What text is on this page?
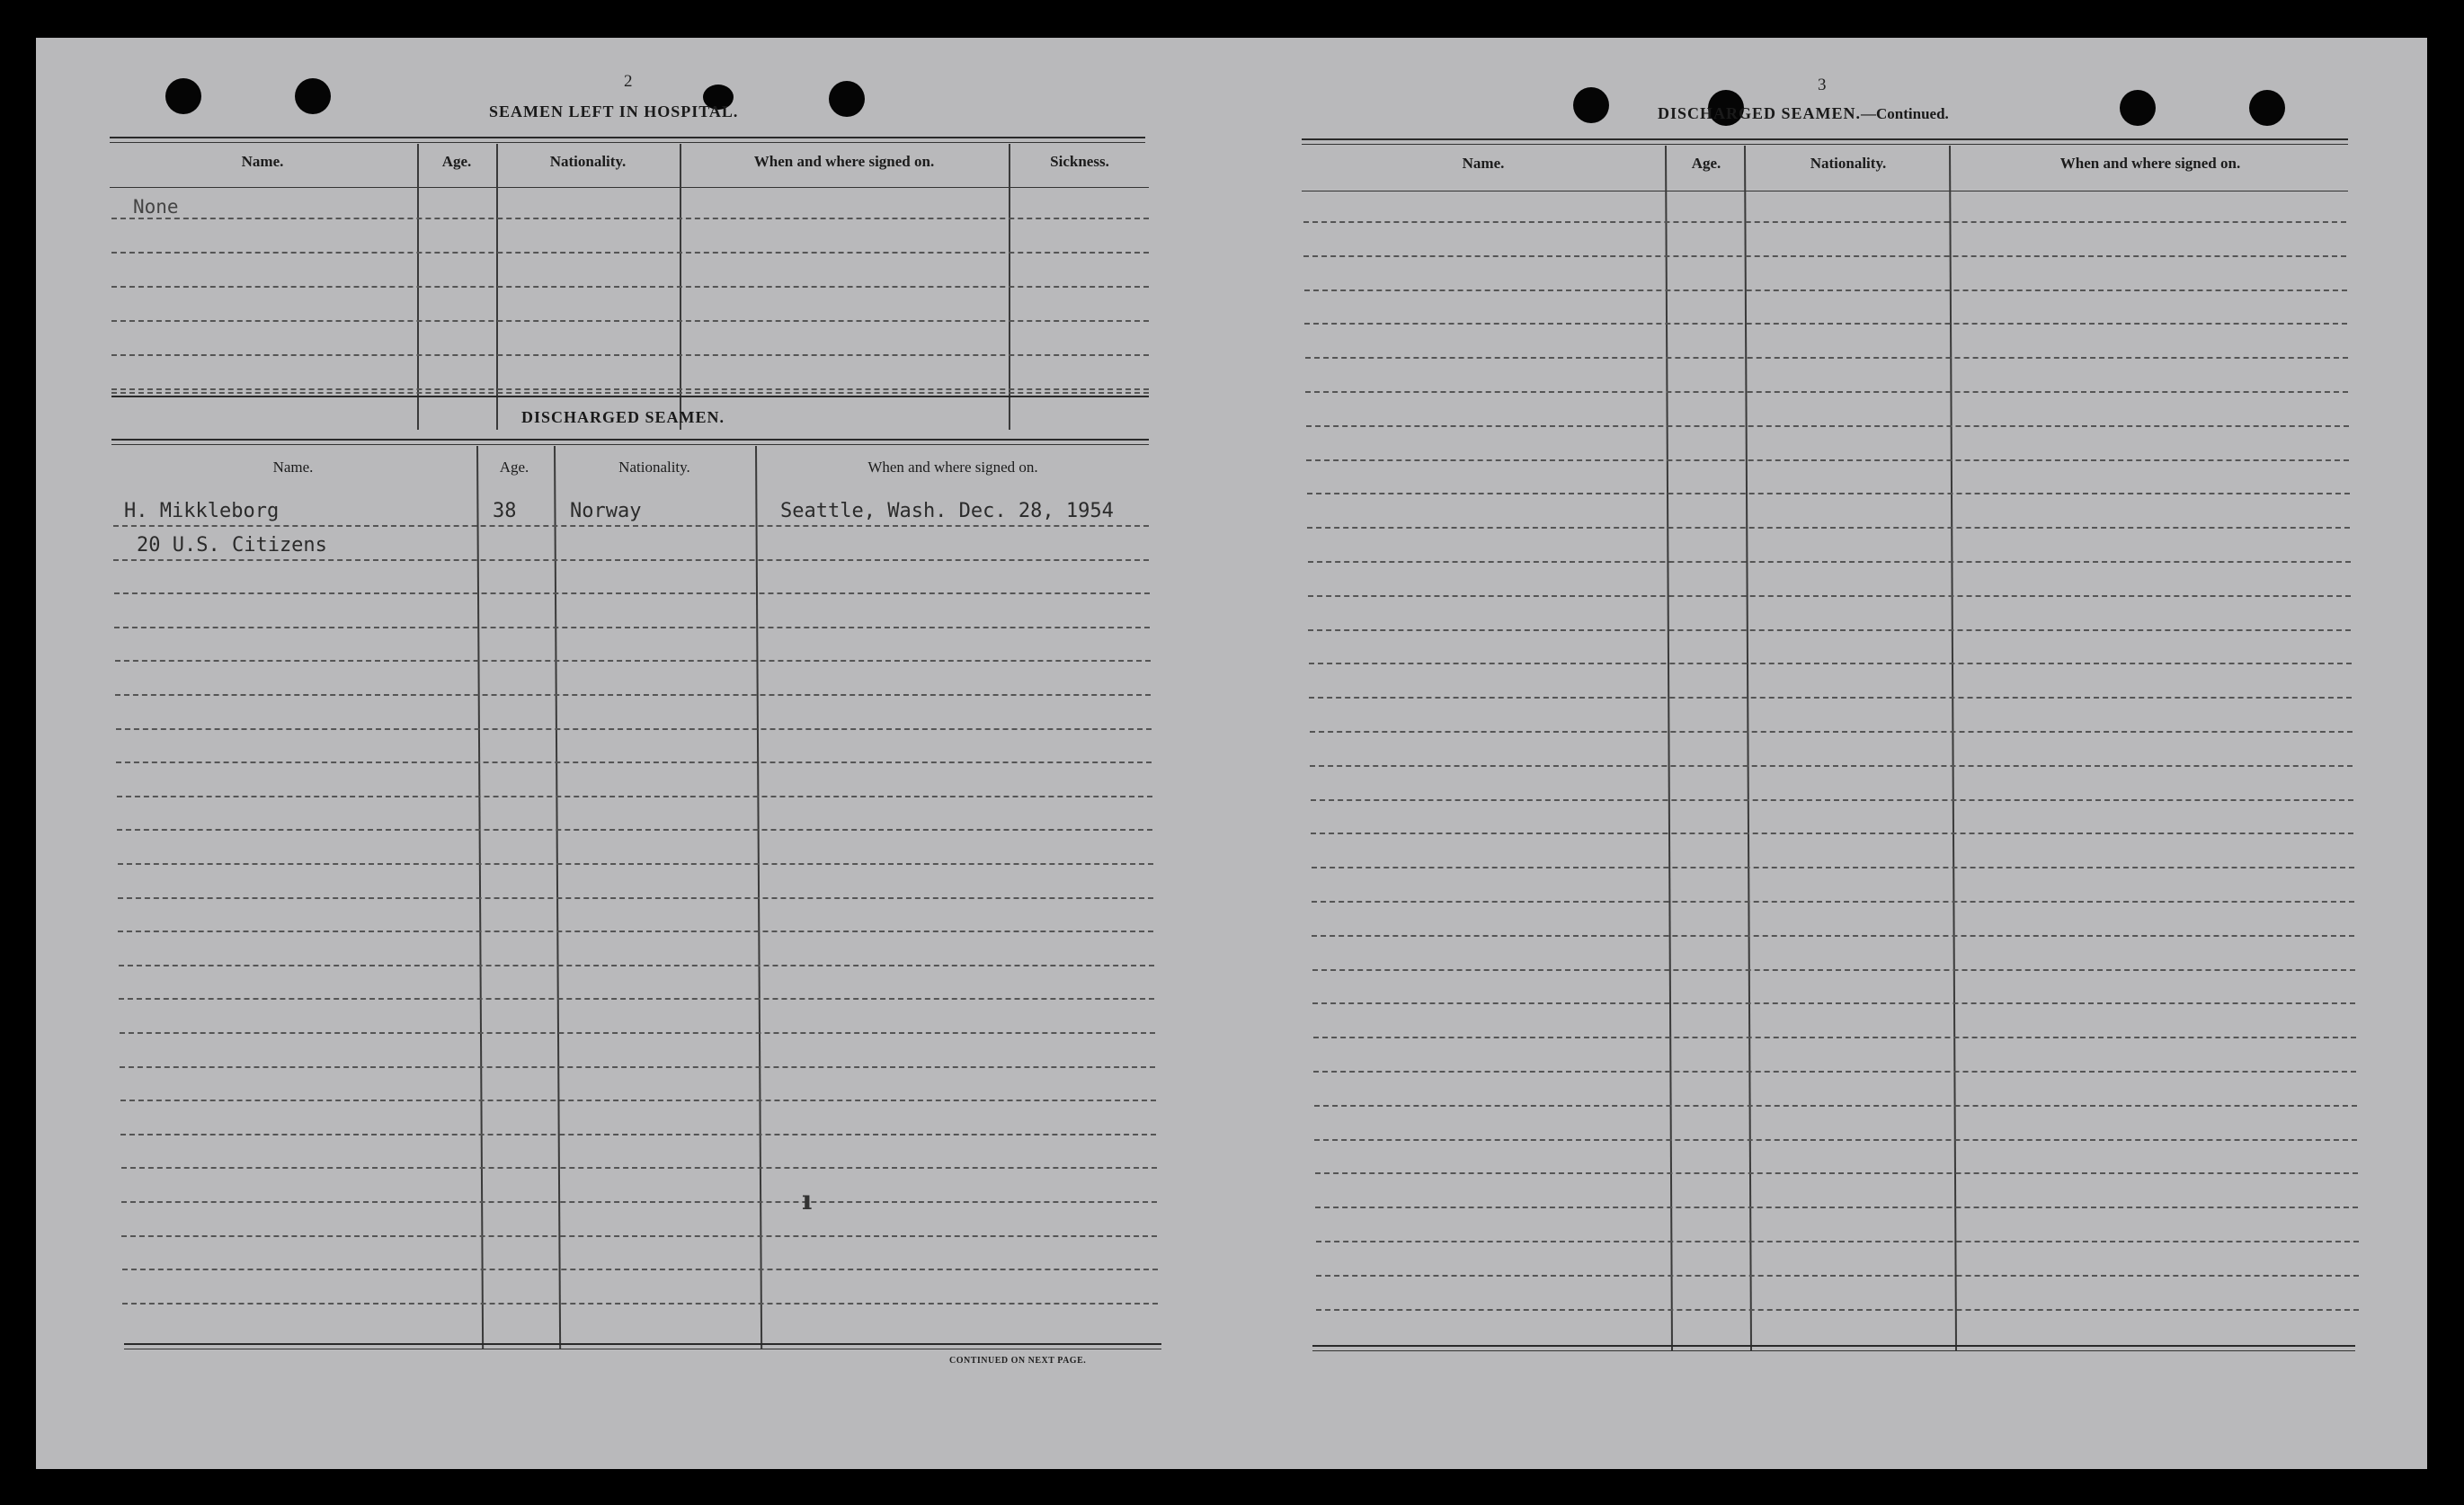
2
SEAMEN LEFT IN HOSPITAL.
Name.	Age.	Nationality.	When and where signed on.	Sickness.
None
DISCHARGED SEAMEN.
Name.	Age.	Nationality.	When and where signed on.
H. Mikkleborg	38	Norway	Seattle, Wash. Dec. 28, 1954
20 U.S. Citizens
ı
CONTINUED ON NEXT PAGE.
3
DISCHARGED SEAMEN.—Continued.
Name.	Age.	Nationality.	When and where signed on.
